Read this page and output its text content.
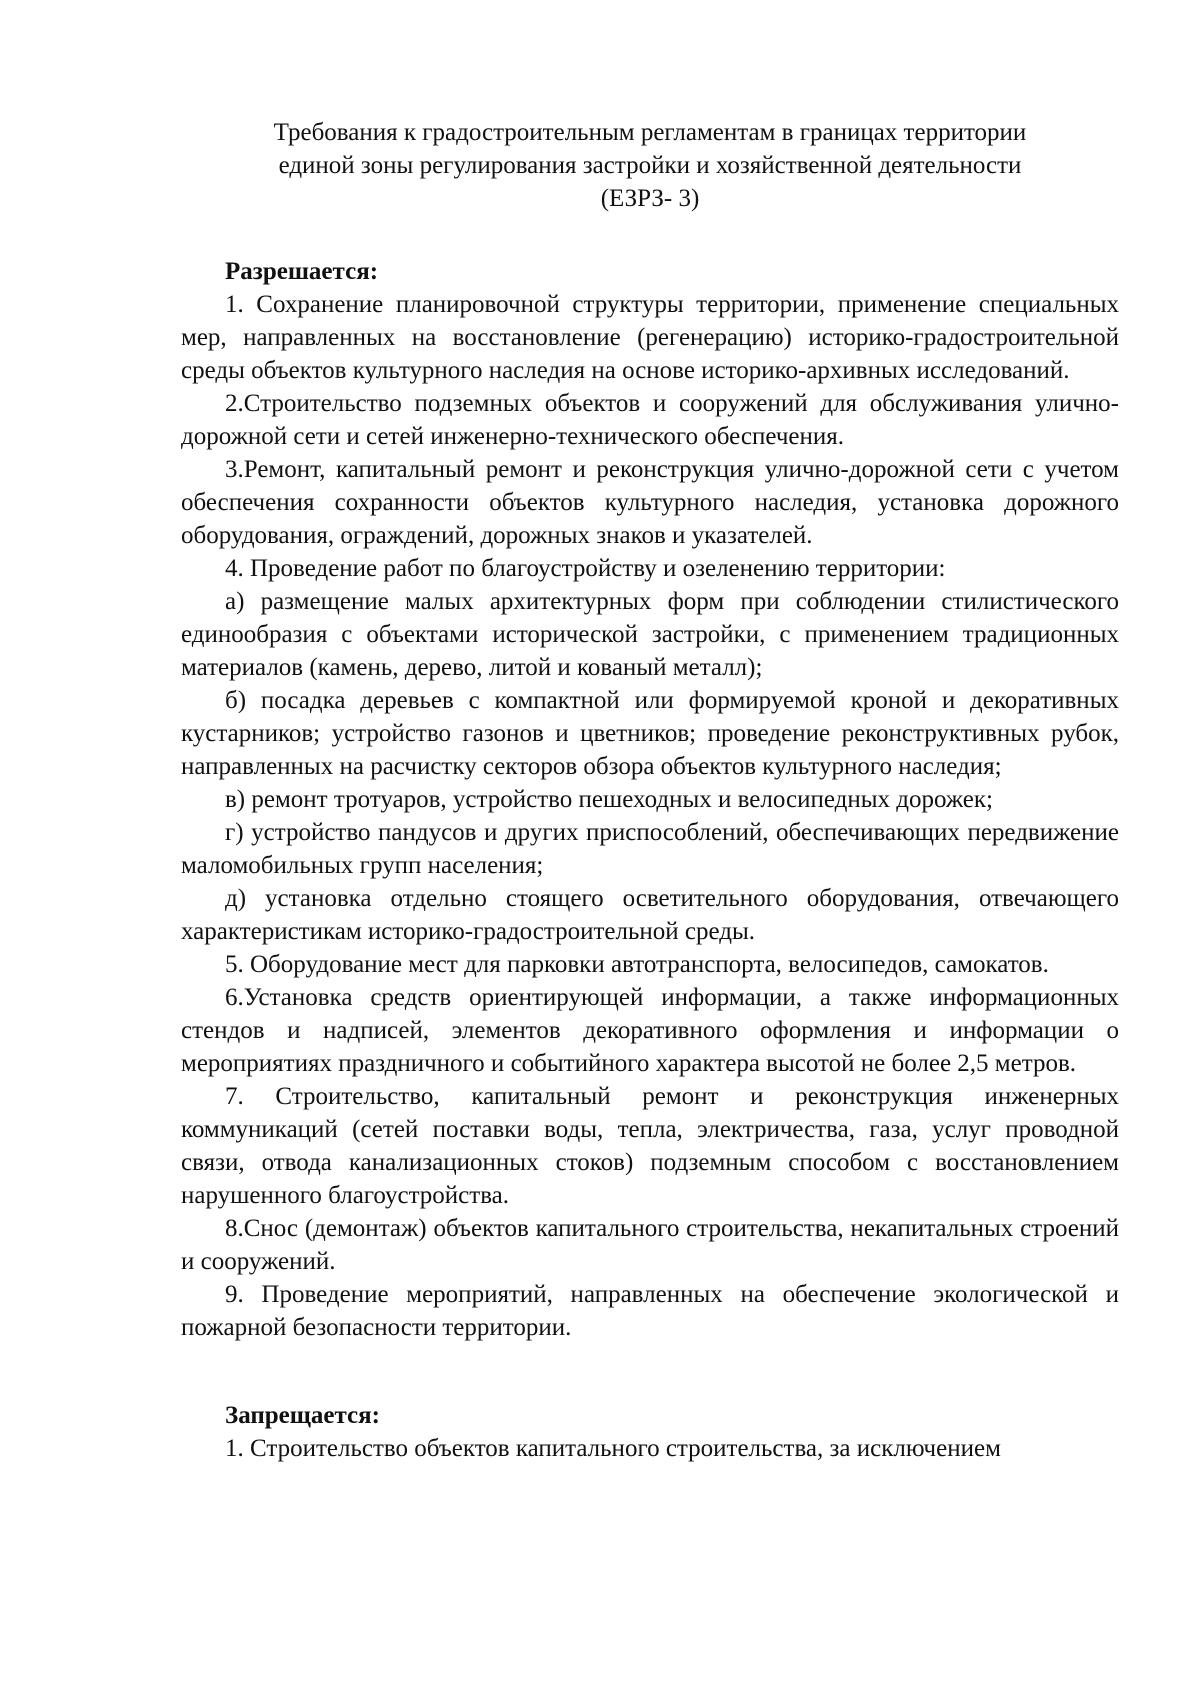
Требования к градостроительным регламентам в границах территории
единой зоны регулирования застройки и хозяйственной деятельности
(ЕЗРЗ- 3)

Разрешается:

1. Сохранение планировочной структуры территории, применение специальных мер, направленных на восстановление (регенерацию) историко-градостроительной среды объектов культурного наследия на основе историко-архивных исследований.

2.Строительство подземных объектов и сооружений для обслуживания улично-дорожной сети и сетей инженерно-технического обеспечения.

3.Ремонт, капитальный ремонт и реконструкция улично-дорожной сети с учетом обеспечения сохранности объектов культурного наследия, установка дорожного оборудования, ограждений, дорожных знаков и указателей.

4. Проведение работ по благоустройству и озеленению территории:

а) размещение малых архитектурных форм при соблюдении стилистического единообразия с объектами исторической застройки, с применением традиционных материалов (камень, дерево, литой и кованый металл);

б) посадка деревьев с компактной или формируемой кроной и декоративных кустарников; устройство газонов и цветников; проведение реконструктивных рубок, направленных на расчистку секторов обзора объектов культурного наследия;

в) ремонт тротуаров, устройство пешеходных и велосипедных дорожек;

г) устройство пандусов и других приспособлений, обеспечивающих передвижение маломобильных групп населения;

д) установка отдельно стоящего осветительного оборудования, отвечающего характеристикам историко-градостроительной среды.

5. Оборудование мест для парковки автотранспорта, велосипедов, самокатов.

6.Установка средств ориентирующей информации, а также информационных стендов и надписей, элементов декоративного оформления и информации о мероприятиях праздничного и событийного характера высотой не более 2,5 метров.

7. Строительство, капитальный ремонт и реконструкция инженерных коммуникаций (сетей поставки воды, тепла, электричества, газа, услуг проводной связи, отвода канализационных стоков) подземным способом с восстановлением нарушенного благоустройства.

8.Снос (демонтаж) объектов капитального строительства, некапитальных строений и сооружений.

9. Проведение мероприятий, направленных на обеспечение экологической и пожарной безопасности территории.

Запрещается:

1. Строительство объектов капитального строительства, за исключением
